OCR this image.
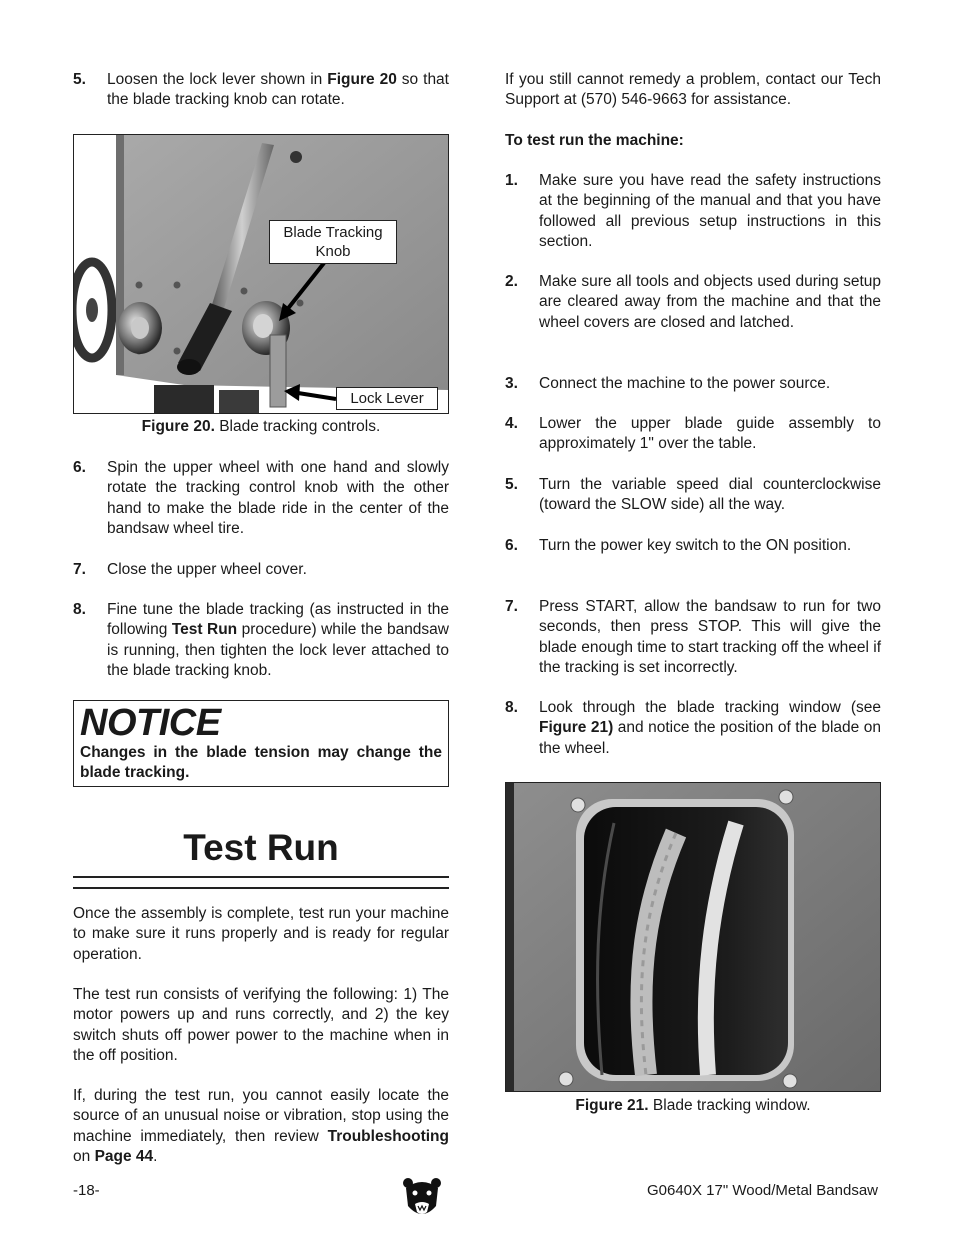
5.	Loosen the lock lever shown in Figure 20 so that the blade tracking knob can rotate.
Blade Tracking Knob
Lock Lever
Figure 20. Blade tracking controls.
6.	Spin the upper wheel with one hand and slowly rotate the tracking control knob with the other hand to make the blade ride in the center of the bandsaw wheel tire.
7.	Close the upper wheel cover.
8.	Fine tune the blade tracking (as instructed in the following Test Run procedure) while the bandsaw is running, then tighten the lock lever attached to the blade tracking knob.
NOTICE
Changes in the blade tension may change the blade tracking.
Test Run

Once the assembly is complete, test run your machine to make sure it runs properly and is ready for regular operation.

The test run consists of verifying the following: 1) The motor powers up and runs correctly, and 2) the key switch shuts off power power to the machine when in the off position.

If, during the test run, you cannot easily locate the source of an unusual noise or vibration, stop using the machine immediately, then review Troubleshooting on Page 44.

If you still cannot remedy a problem, contact our Tech Support at (570) 546-9663 for assistance.

To test run the machine:
1.	Make sure you have read the safety instructions at the beginning of the manual and that you have followed all previous setup instructions in this section.
2.	Make sure all tools and objects used during setup are cleared away from the machine and that the wheel covers are closed and latched.
3.	Connect the machine to the power source.
4.	Lower the upper blade guide assembly to approximately 1" over the table.
5.	Turn the variable speed dial counterclockwise (toward the SLOW side) all the way.
6.	Turn the power key switch to the ON position.
7.	Press START, allow the bandsaw to run for two seconds, then press STOP. This will give the blade enough time to start tracking off the wheel if the tracking is set incorrectly.
8.	Look through the blade tracking window (see Figure 21) and notice the position of the blade on the wheel.
Figure 21. Blade tracking window.
-18-	G0640X 17" Wood/Metal Bandsaw
